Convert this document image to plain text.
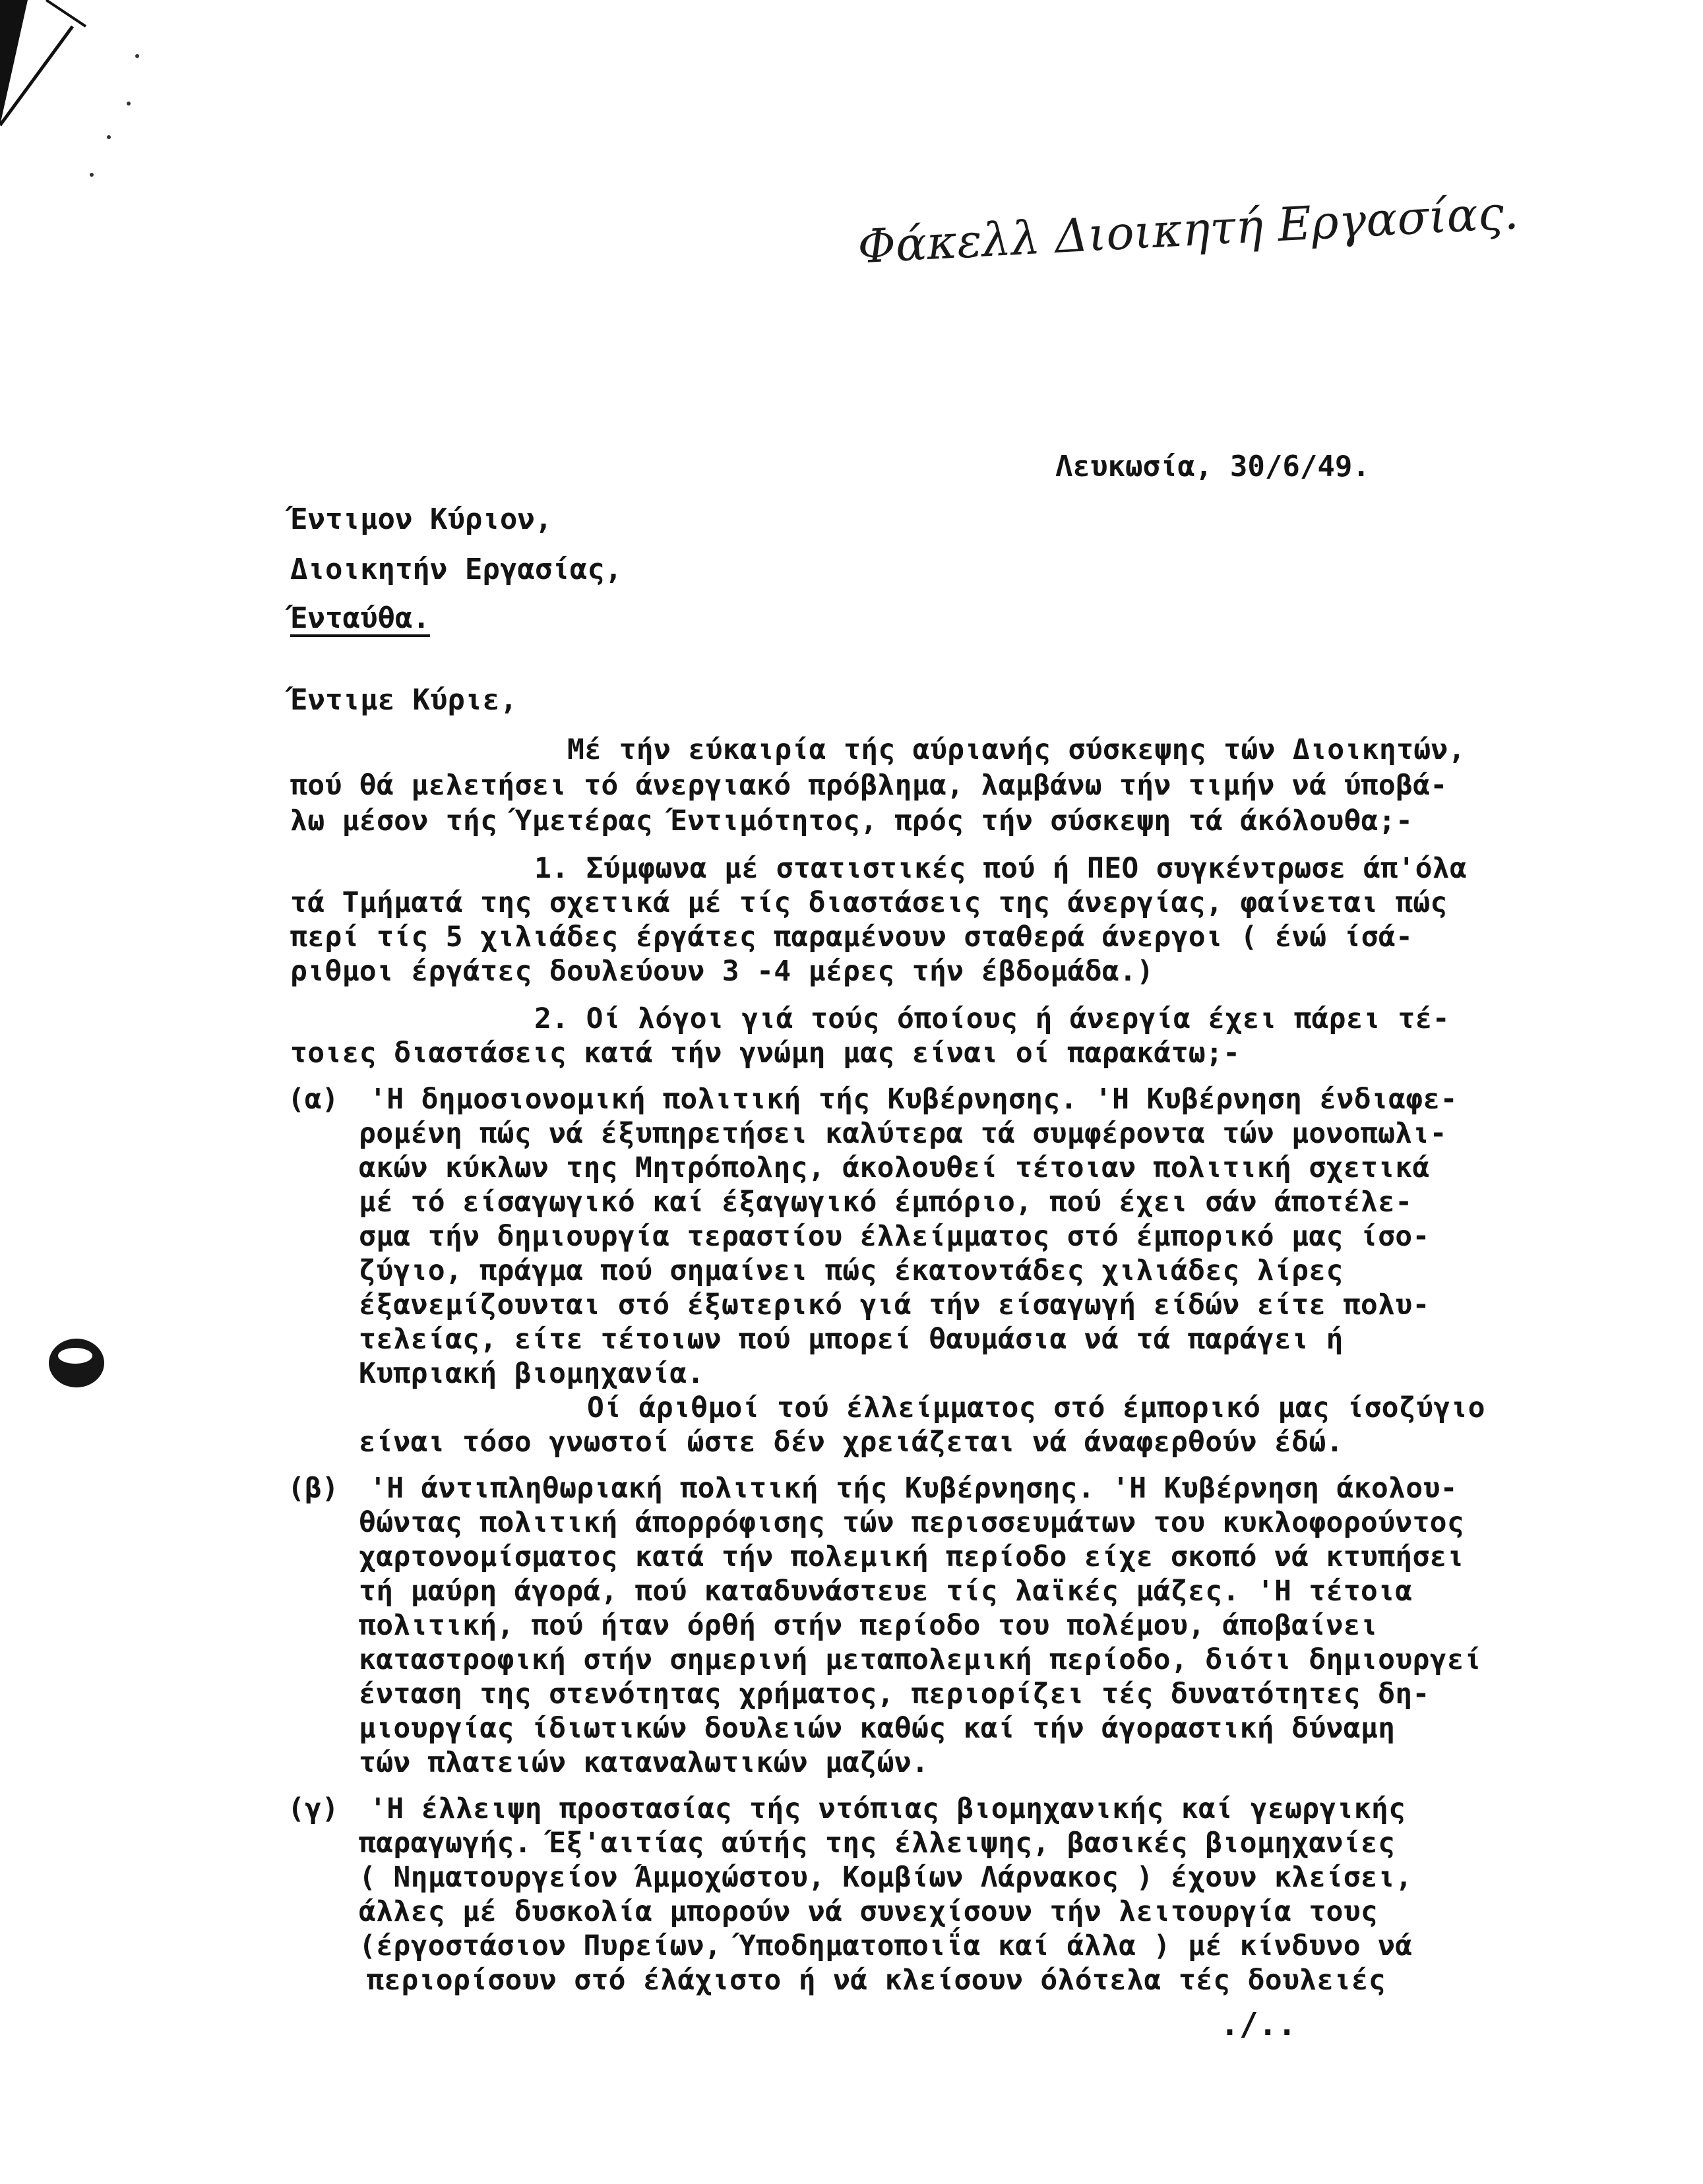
Φάκελλ Διοικητή Εργασίας.
Λευκωσία, 30/6/49.
Έντιμον Κύριον,
Διοικητήν Εργασίας,
Ένταύθα.
Έντιμε Κύριε,
Μέ τήν εύκαιρία τής αύριανής σύσκεψης τών Διοικητών,
πού θά μελετήσει τό άνεργιακό πρόβλημα, λαμβάνω τήν τιμήν νά ύποβά-
λω μέσον τής Ύμετέρας Έντιμότητος, πρός τήν σύσκεψη τά άκόλουθα;-
1. Σύμφωνα μέ στατιστικές πού ή ΠΕΟ συγκέντρωσε άπ'όλα
τά Τμήματά της σχετικά μέ τίς διαστάσεις της άνεργίας, φαίνεται πώς
περί τίς 5 χιλιάδες έργάτες παραμένουν σταθερά άνεργοι ( ένώ ίσά-
ριθμοι έργάτες δουλεύουν 3 -4 μέρες τήν έβδομάδα.)
2. Οί λόγοι γιά τούς όποίους ή άνεργία έχει πάρει τέ-
τοιες διαστάσεις κατά τήν γνώμη μας είναι οί παρακάτω;-
(α) 'Η δημοσιονομική πολιτική τής Κυβέρνησης. 'Η Κυβέρνηση ένδιαφε-
ρομένη πώς νά έξυπηρετήσει καλύτερα τά συμφέροντα τών μονοπωλι-
ακών κύκλων της Μητρόπολης, άκολουθεί τέτοιαν πολιτική σχετικά
μέ τό είσαγωγικό καί έξαγωγικό έμπόριο, πού έχει σάν άποτέλε-
σμα τήν δημιουργία τεραστίου έλλείμματος στό έμπορικό μας ίσο-
ζύγιο, πράγμα πού σημαίνει πώς έκατοντάδες χιλιάδες λίρες
έξανεμίζουνται στό έξωτερικό γιά τήν είσαγωγή είδών είτε πολυ-
τελείας, είτε τέτοιων πού μπορεί θαυμάσια νά τά παράγει ή
Κυπριακή βιομηχανία.
Οί άριθμοί τού έλλείμματος στό έμπορικό μας ίσοζύγιο
είναι τόσο γνωστοί ώστε δέν χρειάζεται νά άναφερθούν έδώ.
(β) 'Η άντιπληθωριακή πολιτική τής Κυβέρνησης. 'Η Κυβέρνηση άκολου-
θώντας πολιτική άπορρόφισης τών περισσευμάτων του κυκλοφορούντος
χαρτονομίσματος κατά τήν πολεμική περίοδο είχε σκοπό νά κτυπήσει
τή μαύρη άγορά, πού καταδυνάστευε τίς λαϊκές μάζες. 'Η τέτοια
πολιτική, πού ήταν όρθή στήν περίοδο του πολέμου, άποβαίνει
καταστροφική στήν σημερινή μεταπολεμική περίοδο, διότι δημιουργεί
ένταση της στενότητας χρήματος, περιορίζει τές δυνατότητες δη-
μιουργίας ίδιωτικών δουλειών καθώς καί τήν άγοραστική δύναμη
τών πλατειών καταναλωτικών μαζών.
(γ) 'Η έλλειψη προστασίας τής ντόπιας βιομηχανικής καί γεωργικής
παραγωγής. Έξ'αιτίας αύτής της έλλειψης, βασικές βιομηχανίες
( Νηματουργείον Άμμοχώστου, Κομβίων Λάρνακος ) έχουν κλείσει,
άλλες μέ δυσκολία μπορούν νά συνεχίσουν τήν λειτουργία τους
(έργοστάσιον Πυρείων, Ύποδηματοποιΐα καί άλλα ) μέ κίνδυνο νά
περιορίσουν στό έλάχιστο ή νά κλείσουν όλότελα τές δουλειές
./..
